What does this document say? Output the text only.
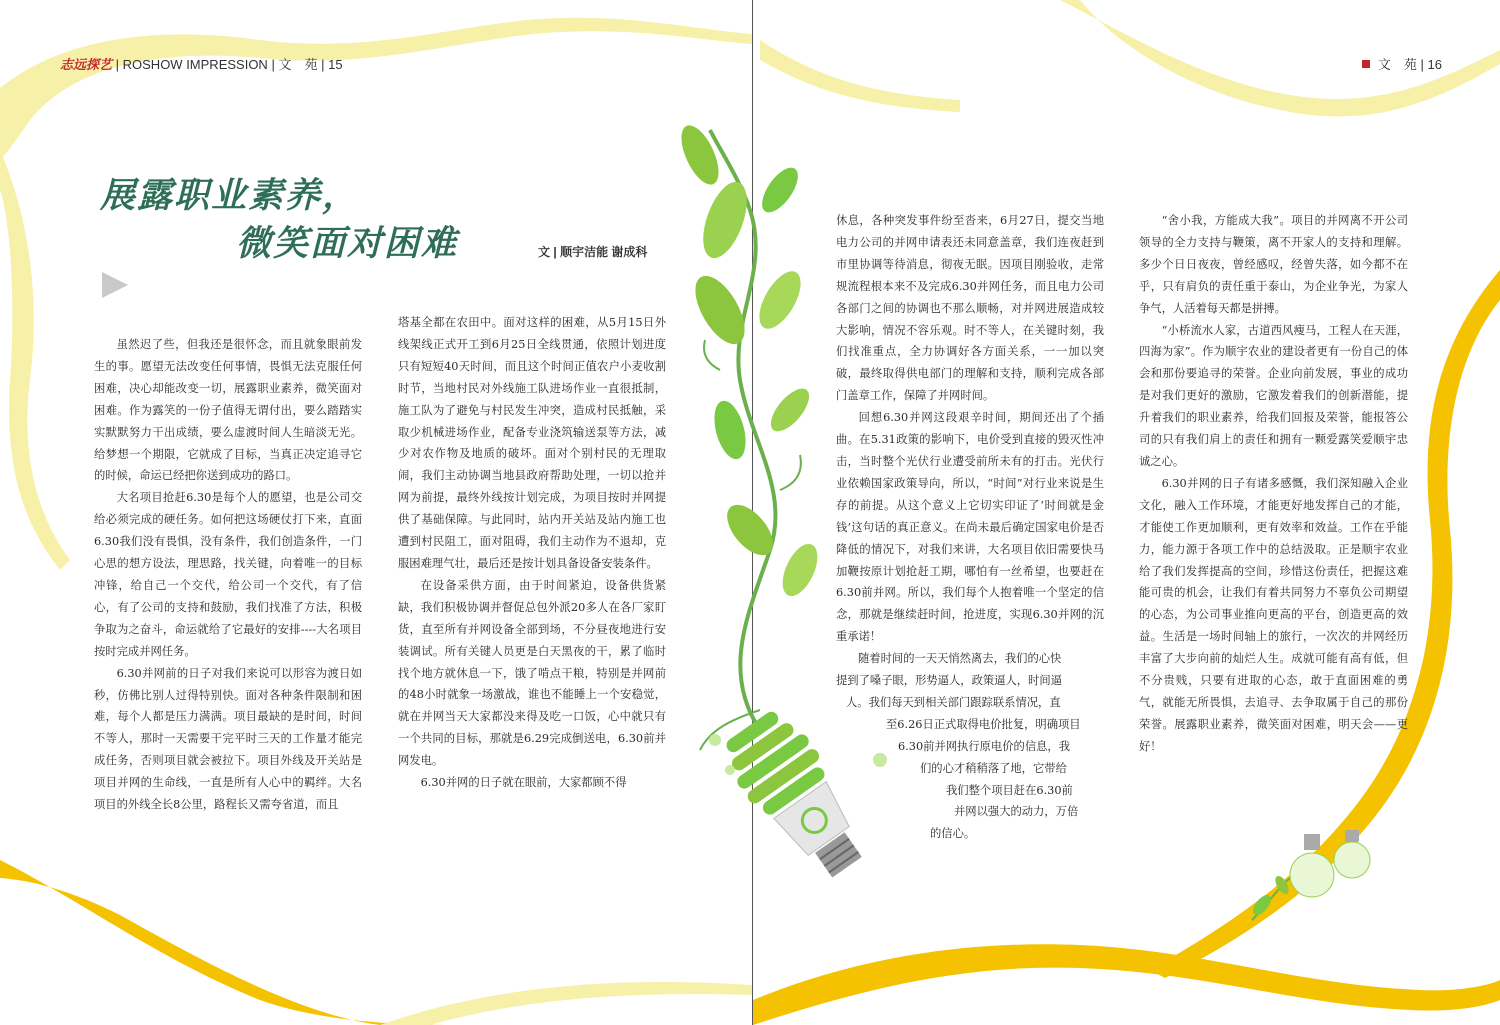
志远探艺 | ROSHOW IMPRESSION | 文　苑 | 15	文　苑 | 16
展露职业素养，
微笑面对困难	文 | 顺宇洁能 谢成科

虽然迟了些，但我还是很怀念，而且就象眼前发生的事。愿望无法改变任何事情，畏惧无法克服任何困难，决心却能改变一切，展露职业素养，微笑面对困难。作为露笑的一份子值得无谓付出，要么踏踏实实默默努力干出成绩，要么虚渡时间人生暗淡无光。给梦想一个期限，它就成了目标，当真正决定追寻它的时候，命运已经把你送到成功的路口。

大名项目抢赶6.30是每个人的愿望，也是公司交给必须完成的硬任务。如何把这场硬仗打下来，直面6.30我们没有畏惧，没有条件，我们创造条件，一门心思的想方设法，理思路，找关键，向着唯一的目标冲锋，给自己一个交代，给公司一个交代，有了信心，有了公司的支持和鼓励，我们找准了方法，积极争取为之奋斗，命运就给了它最好的安排----大名项目按时完成并网任务。

6.30并网前的日子对我们来说可以形容为渡日如秒，仿佛比别人过得特别快。面对各种条件限制和困难，每个人都是压力满满。项目最缺的是时间，时间不等人，那时一天需要干完平时三天的工作量才能完成任务，否则项目就会被拉下。项目外线及开关站是项目并网的生命线，一直是所有人心中的羁绊。大名项目的外线全长8公里，路程长又需夸省道，而且

塔基全都在农田中。面对这样的困难，从5月15日外线架线正式开工到6月25日全线贯通，依照计划进度只有短短40天时间，而且这个时间正值农户小麦收割时节，当地村民对外线施工队进场作业一直很抵制，施工队为了避免与村民发生冲突，造成村民抵触，采取少机械进场作业，配备专业浇筑输送泵等方法，减少对农作物及地质的破坏。面对个别村民的无理取闹，我们主动协调当地县政府帮助处理，一切以抢并网为前提，最终外线按计划完成，为项目按时并网提供了基础保障。与此同时，站内开关站及站内施工也遭到村民阻工，面对阻碍，我们主动作为不退却，克服困难理气壮，最后还是按计划具备设备安装条件。

在设备采供方面，由于时间紧迫，设备供货紧缺，我们积极协调并督促总包外派20多人在各厂家盯货，直至所有并网设备全部到场，不分昼夜地进行安装调试。所有关键人员更是白天黑夜的干，累了临时找个地方就休息一下，饿了啃点干粮，特别是并网前的48小时就象一场激战，谁也不能睡上一个安稳觉，就在并网当天大家都没来得及吃一口饭，心中就只有一个共同的目标，那就是6.29完成倒送电，6.30前并网发电。

6.30并网的日子就在眼前，大家都顾不得

休息，各种突发事件纷至沓来，6月27日，提交当地电力公司的并网申请表还未同意盖章，我们连夜赶到市里协调等待消息，彻夜无眠。因项目刚验收，走常规流程根本来不及完成6.30并网任务，而且电力公司各部门之间的协调也不那么顺畅，对并网进展造成较大影响，情况不容乐观。时不等人，在关键时刻，我们找准重点，全力协调好各方面关系，一一加以突破，最终取得供电部门的理解和支持，顺利完成各部门盖章工作，保障了并网时间。

回想6.30并网这段艰辛时间，期间还出了个插曲。在5.31政策的影响下，电价受到直接的毁灭性冲击，当时整个光伏行业遭受前所未有的打击。光伏行业依赖国家政策导向，所以，“时间”对行业来说是生存的前提。从这个意义上它切实印证了‘时间就是金钱’这句话的真正意义。在尚未最后确定国家电价是否降低的情况下，对我们来讲，大名项目依旧需要快马加鞭按原计划抢赶工期，哪怕有一丝希望，也要赶在6.30前并网。所以，我们每个人抱着唯一个坚定的信念，那就是继续赶时间，抢进度，实现6.30并网的沉重承诺！

随着时间的一天天悄然离去，我们的心快
提到了嗓子眼，形势逼人，政策逼人，时间逼
人。我们每天到相关部门跟踪联系情况，直
至6.26日正式取得电价批复，明确项目
6.30前并网执行原电价的信息，我
们的心才稍稍落了地，它带给
我们整个项目赶在6.30前
并网以强大的动力，万倍
的信心。

“舍小我，方能成大我”。项目的并网离不开公司领导的全力支持与鞭策，离不开家人的支持和理解。多少个日日夜夜，曾经感叹，经曾失落，如今都不在乎，只有肩负的责任重于泰山，为企业争光，为家人争气，人活着每天都是拼搏。

“小桥流水人家，古道西风瘦马，工程人在天涯，四海为家”。作为顺宇农业的建设者更有一份自己的体会和那份要追寻的荣誉。企业向前发展，事业的成功是对我们更好的激励，它激发着我们的创新潜能，提升着我们的职业素养，给我们回报及荣誉，能报答公司的只有我们肩上的责任和拥有一颗爱露笑爱顺宇忠诚之心。

6.30并网的日子有诸多感慨，我们深知融入企业文化，融入工作环境，才能更好地发挥自己的才能，才能使工作更加顺利，更有效率和效益。工作在乎能力，能力源于各项工作中的总结汲取。正是顺宇农业给了我们发挥提高的空间，珍惜这份责任，把握这难能可贵的机会，让我们有着共同努力不辜负公司期望的心态，为公司事业推向更高的平台，创造更高的效益。生活是一场时间轴上的旅行，一次次的并网经历丰富了大步向前的灿烂人生。成就可能有高有低，但不分贵贱，只要有进取的心态，敢于直面困难的勇气，就能无所畏惧，去追寻、去争取属于自己的那份荣誉。展露职业素养，微笑面对困难，明天会——更好！
